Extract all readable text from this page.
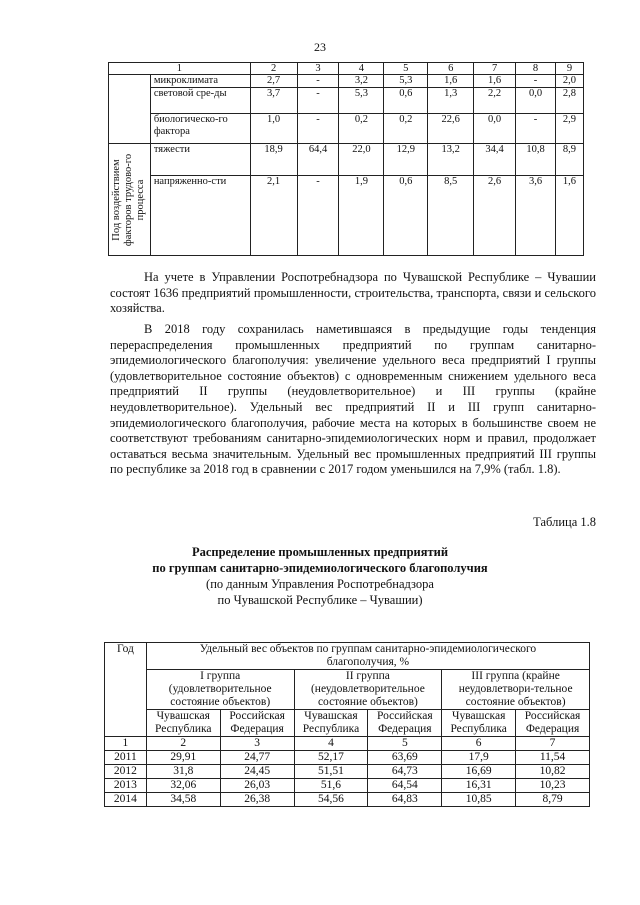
23
1		2	3	4	5	6	7	8	9
	микроклимата	2,7	-	3,2	5,3	1,6	1,6	-	2,0
	световой сре-ды	3,7	-	5,3	0,6	1,3	2,2	0,0	2,8
	биологическо-го фактора	1,0	-	0,2	0,2	22,6	0,0	-	2,9

Под воздействием факторов трудово-го процесса	тяжести	18,9	64,4	22,0	12,9	13,2	34,4	10,8	8,9
	напряженно-сти	2,1	-	1,9	0,6	8,5	2,6	3,6	1,6

На учете в Управлении Роспотребнадзора по Чувашской Республике – Чувашии состоят 1636 предприятий промышленности, строительства, транспорта, связи и сельского хозяйства.

В 2018 году сохранилась наметившаяся в предыдущие годы тенденция перераспределения промышленных предприятий по группам санитарно-эпидемиологического благополучия: увеличение удельного веса предприятий I группы (удовлетворительное состояние объектов) с одновременным снижением удельного веса предприятий II группы (неудовлетворительное) и III группы (крайне неудовлетворительное). Удельный вес предприятий II и III групп санитарно-эпидемиологического благополучия, рабочие места на которых в большинстве своем не соответствуют требованиям санитарно-эпидемиологических норм и правил, продолжает оставаться весьма значительным. Удельный вес промышленных предприятий III группы по республике за 2018 год в сравнении с 2017 годом уменьшился на 7,9% (табл. 1.8).

Таблица 1.8
Распределение промышленных предприятий
по группам санитарно-эпидемиологического благополучия
(по данным Управления Роспотребнадзора
по Чувашской Республике – Чувашии)
Год	Удельный вес объектов по группам санитарно-эпидемиологического благополучия, %					
	I группа (удовлетворительное состояние объектов)		II группа (неудовлетворительное состояние объектов)		III группа (крайне неудовлетвори-тельное состояние объектов)	
	Чувашская Республика	Российская Федерация	Чувашская Республика	Российская Федерация	Чувашская Республика	Российская Федерация
1	2	3	4	5	6	7
2011	29,91	24,77	52,17	63,69	17,9	11,54
2012	31,8	24,45	51,51	64,73	16,69	10,82
2013	32,06	26,03	51,6	64,54	16,31	10,23
2014	34,58	26,38	54,56	64,83	10,85	8,79
